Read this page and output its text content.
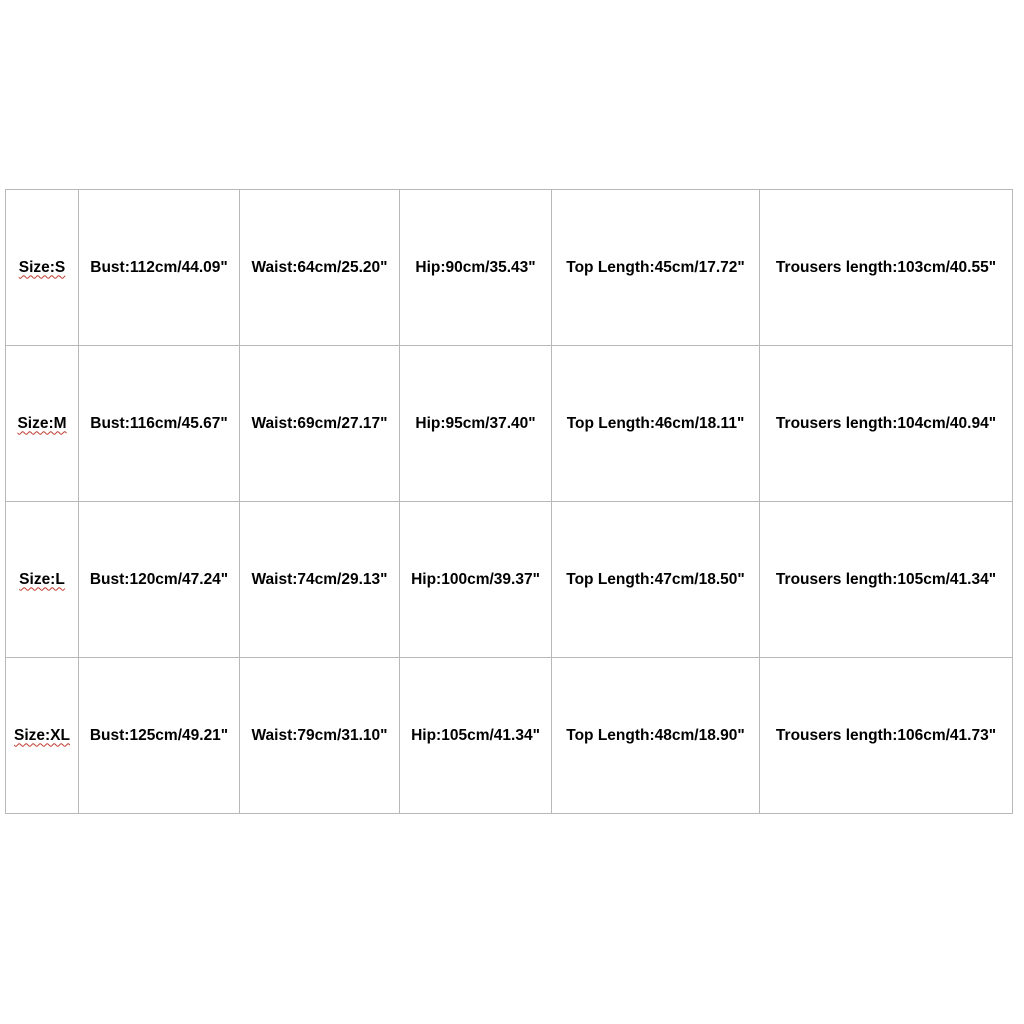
Size:S	Bust:112cm/44.09"	Waist:64cm/25.20"	Hip:90cm/35.43"	Top Length:45cm/17.72"	Trousers length:103cm/40.55"
Size:M	Bust:116cm/45.67"	Waist:69cm/27.17"	Hip:95cm/37.40"	Top Length:46cm/18.11"	Trousers length:104cm/40.94"
Size:L	Bust:120cm/47.24"	Waist:74cm/29.13"	Hip:100cm/39.37"	Top Length:47cm/18.50"	Trousers length:105cm/41.34"
Size:XL	Bust:125cm/49.21"	Waist:79cm/31.10"	Hip:105cm/41.34"	Top Length:48cm/18.90"	Trousers length:106cm/41.73"
